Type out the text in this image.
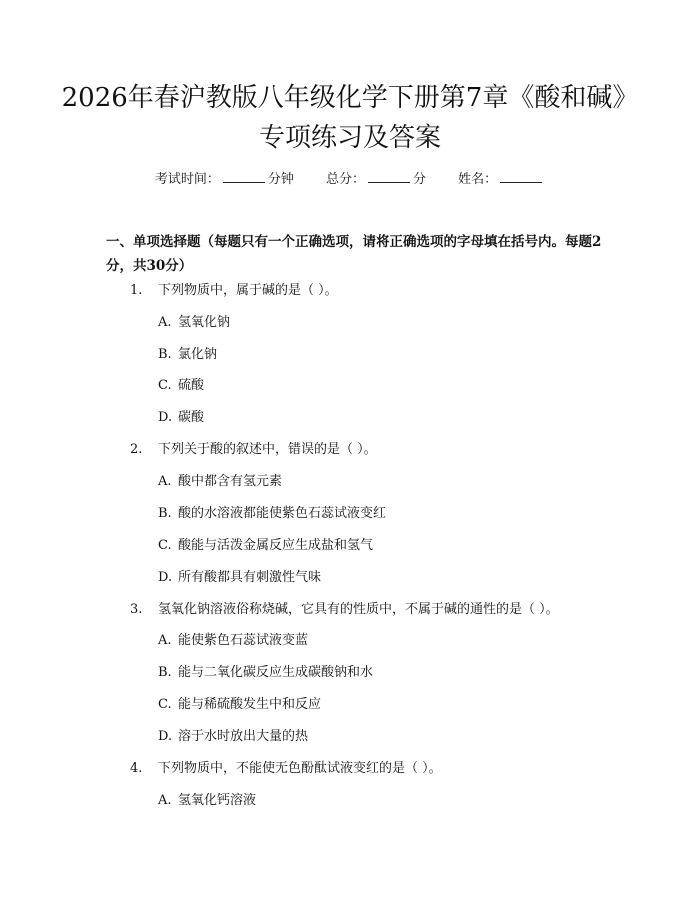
2026年春沪教版八年级化学下册第7章《酸和碱》专项练习及答案
考试时间：	分钟 总分：	分 姓名：
一、单项选择题（每题只有一个正确选项，请将正确选项的字母填在括号内。每题2分，共30分）
1. 下列物质中，属于碱的是（ ）。
A. 氢氧化钠
B. 氯化钠
C. 硫酸
D. 碳酸
2. 下列关于酸的叙述中，错误的是（ ）。
A. 酸中都含有氢元素
B. 酸的水溶液都能使紫色石蕊试液变红
C. 酸能与活泼金属反应生成盐和氢气
D. 所有酸都具有刺激性气味
3. 氢氧化钠溶液俗称烧碱，它具有的性质中，不属于碱的通性的是（ ）。
A. 能使紫色石蕊试液变蓝
B. 能与二氧化碳反应生成碳酸钠和水
C. 能与稀硫酸发生中和反应
D. 溶于水时放出大量的热
4. 下列物质中，不能使无色酚酞试液变红的是（ ）。
A. 氢氧化钙溶液
